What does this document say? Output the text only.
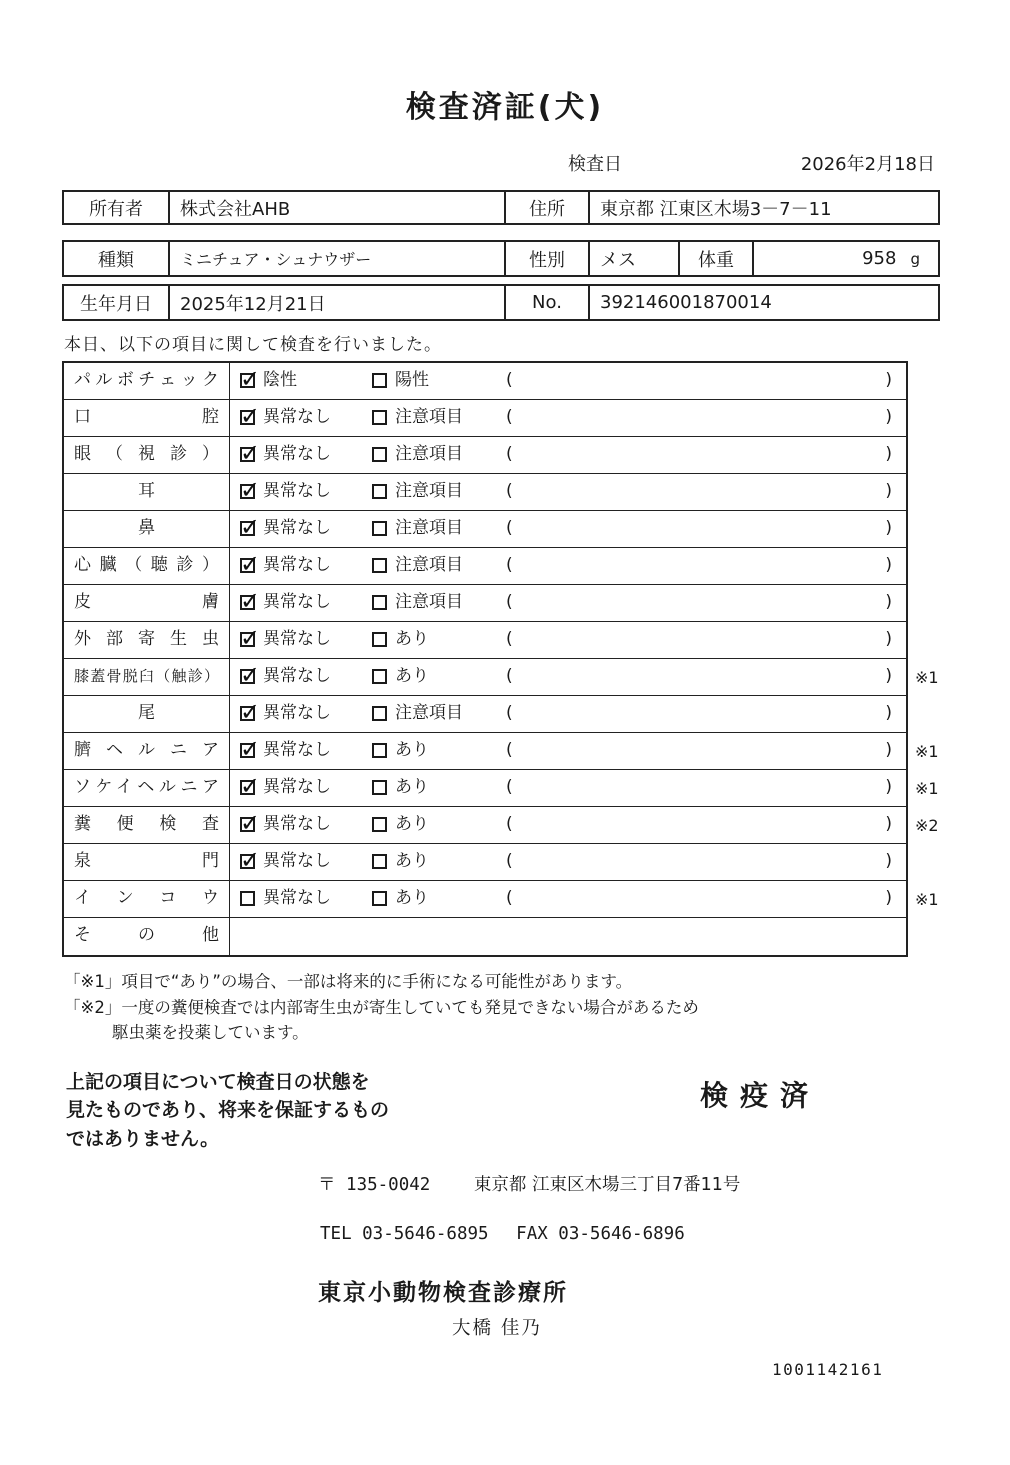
検査済証(犬)
検査日	2026年2月18日
所有者	株式会社AHB	住所	東京都 江東区木場3－7－11
種類	ミニチュア・シュナウザー	性別	メス	体重	958 g
生年月日	2025年12月21日	No.	392146001870014
本日、以下の項目に関して検査を行いました。
パルボチェック ✓	陰性	陽性	(	)
口腔 ✓	異常なし	注意項目	(	)
眼（視診） ✓	異常なし	注意項目	(	)
耳 ✓	異常なし	注意項目	(	)
鼻 ✓	異常なし	注意項目	(	)
心臓（聴診） ✓	異常なし	注意項目	(	)
皮膚 ✓	異常なし	注意項目	(	)
外部寄生虫 ✓	異常なし	あり	(	)
膝蓋骨脱臼（触診） ✓	異常なし	あり	(	) ※1
尾 ✓	異常なし	注意項目	(	)
臍ヘルニア ✓	異常なし	あり	(	) ※1
ソケイヘルニア ✓	異常なし	あり	(	) ※1
糞便検査 ✓	異常なし	あり	(	) ※2
泉門 ✓	異常なし	あり	(	)
インコウ	異常なし	あり	(	) ※1
その他
「※1」項目で“あり”の場合、一部は将来的に手術になる可能性があります。
「※2」一度の糞便検査では内部寄生虫が寄生していても発見できない場合があるため
駆虫薬を投薬しています。
上記の項目について検査日の状態を
見たものであり、将来を保証するもの
ではありません。
検疫済
〒 135-0042 東京都 江東区木場三丁目7番11号
TEL 03-5646-6895 FAX 03-5646-6896
東京小動物検査診療所
大橋 佳乃
1001142161
